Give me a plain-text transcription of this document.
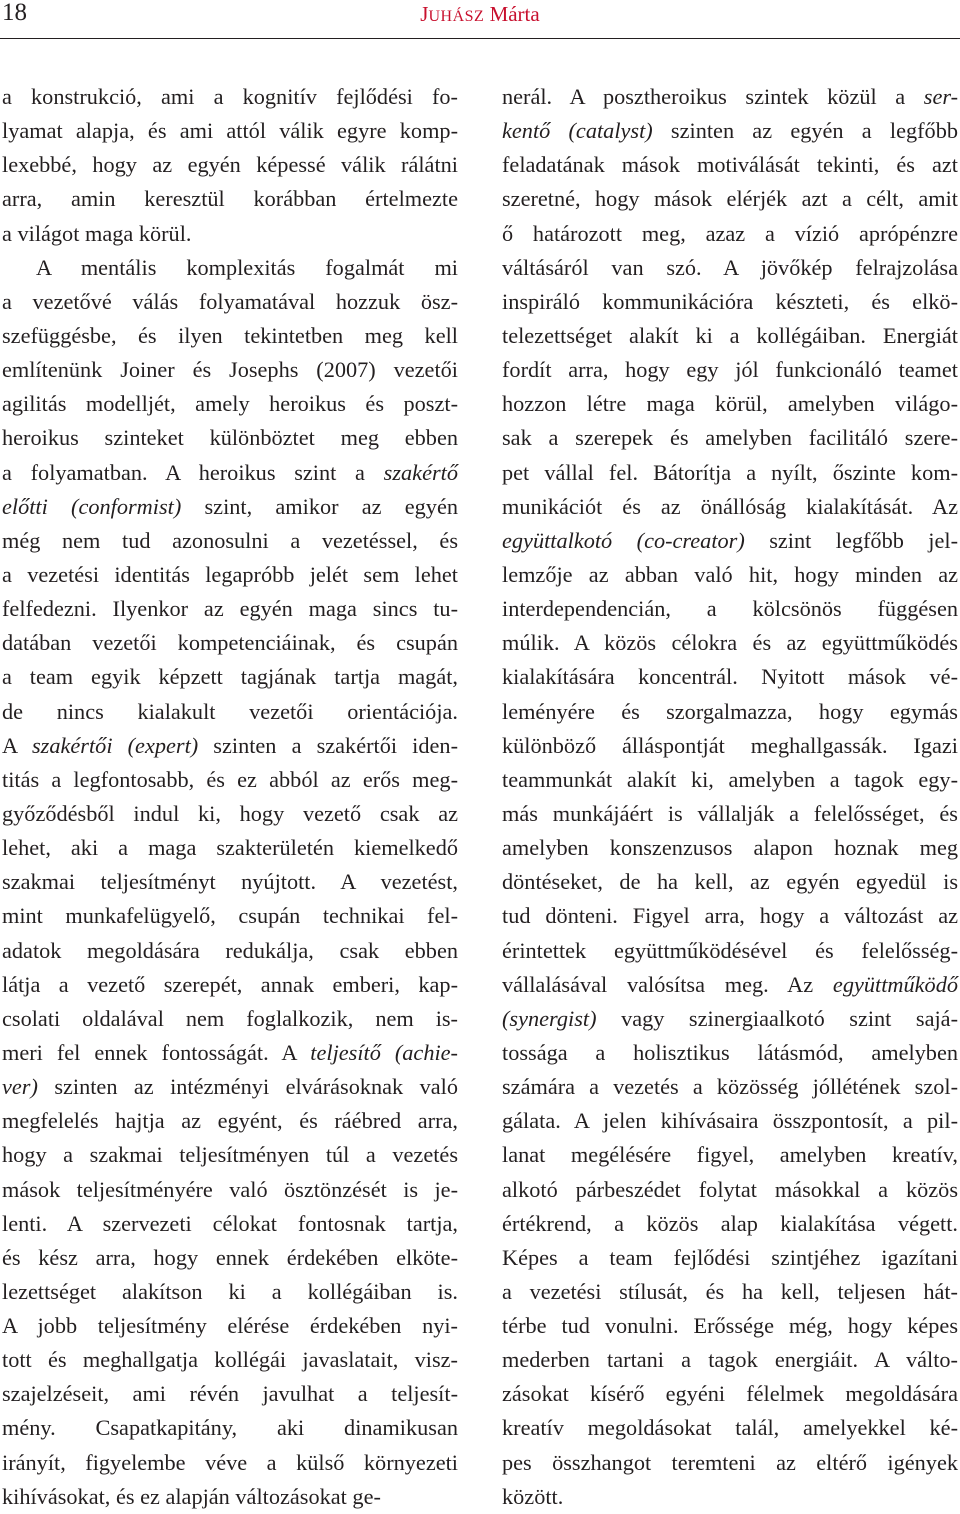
18	JUHÁSZ Márta
a konstrukció, ami a kognitív fejlődési fo-
lyamat alapja, és ami attól válik egyre komp-
lexebbé, hogy az egyén képessé válik rálátni
arra, amin keresztül korábban értelmezte
a világot maga körül.
A mentális komplexitás fogalmát mi
a vezetővé válás folyamatával hozzuk ösz-
szefüggésbe, és ilyen tekintetben meg kell
említenünk Joiner és Josephs (2007) vezetői
agilitás modelljét, amely heroikus és poszt-
heroikus szinteket különböztet meg ebben
a folyamatban. A heroikus szint a szakértő
előtti (conformist) szint, amikor az egyén
még nem tud azonosulni a vezetéssel, és
a vezetési identitás legapróbb jelét sem lehet
felfedezni. Ilyenkor az egyén maga sincs tu-
datában vezetői kompetenciáinak, és csupán
a team egyik képzett tagjának tartja magát,
de nincs kialakult vezetői orientációja.
A szakértői (expert) szinten a szakértői iden-
titás a legfontosabb, és ez abból az erős meg-
győződésből indul ki, hogy vezető csak az
lehet, aki a maga szakterületén kiemelkedő
szakmai teljesítményt nyújtott. A vezetést,
mint munkafelügyelő, csupán technikai fel-
adatok megoldására redukálja, csak ebben
látja a vezető szerepét, annak emberi, kap-
csolati oldalával nem foglalkozik, nem is-
meri fel ennek fontosságát. A teljesítő (achie-
ver) szinten az intézményi elvárásoknak való
megfelelés hajtja az egyént, és ráébred arra,
hogy a szakmai teljesítményen túl a vezetés
mások teljesítményére való ösztönzését is je-
lenti. A szervezeti célokat fontosnak tartja,
és kész arra, hogy ennek érdekében elköte-
lezettséget alakítson ki a kollégáiban is.
A jobb teljesítmény elérése érdekében nyi-
tott és meghallgatja kollégái javaslatait, visz-
szajelzéseit, ami révén javulhat a teljesít-
mény. Csapatkapitány, aki dinamikusan
irányít, figyelembe véve a külső környezeti
kihívásokat, és ez alapján változásokat ge-
nerál. A posztheroikus szintek közül a ser-
kentő (catalyst) szinten az egyén a legfőbb
feladatának mások motiválását tekinti, és azt
szeretné, hogy mások elérjék azt a célt, amit
ő határozott meg, azaz a vízió aprópénzre
váltásáról van szó. A jövőkép felrajzolása
inspiráló kommunikációra készteti, és elkö-
telezettséget alakít ki a kollégáiban. Energiát
fordít arra, hogy egy jól funkcionáló teamet
hozzon létre maga körül, amelyben világo-
sak a szerepek és amelyben facilitáló szere-
pet vállal fel. Bátorítja a nyílt, őszinte kom-
munikációt és az önállóság kialakítását. Az
együttalkotó (co-creator) szint legfőbb jel-
lemzője az abban való hit, hogy minden az
interdependencián, a kölcsönös függésen
múlik. A közös célokra és az együttműködés
kialakítására koncentrál. Nyitott mások vé-
leményére és szorgalmazza, hogy egymás
különböző álláspontját meghallgassák. Igazi
teammunkát alakít ki, amelyben a tagok egy-
más munkájáért is vállalják a felelősséget, és
amelyben konszenzusos alapon hoznak meg
döntéseket, de ha kell, az egyén egyedül is
tud dönteni. Figyel arra, hogy a változást az
érintettek együttműködésével és felelősség-
vállalásával valósítsa meg. Az együttműködő
(synergist) vagy szinergiaalkotó szint sajá-
tossága a holisztikus látásmód, amelyben
számára a vezetés a közösség jóllétének szol-
gálata. A jelen kihívásaira összpontosít, a pil-
lanat megélésére figyel, amelyben kreatív,
alkotó párbeszédet folytat másokkal a közös
értékrend, a közös alap kialakítása végett.
Képes a team fejlődési szintjéhez igazítani
a vezetési stílusát, és ha kell, teljesen hát-
térbe tud vonulni. Erőssége még, hogy képes
mederben tartani a tagok energiáit. A válto-
zásokat kísérő egyéni félelmek megoldására
kreatív megoldásokat talál, amelyekkel ké-
pes összhangot teremteni az eltérő igények
között.
